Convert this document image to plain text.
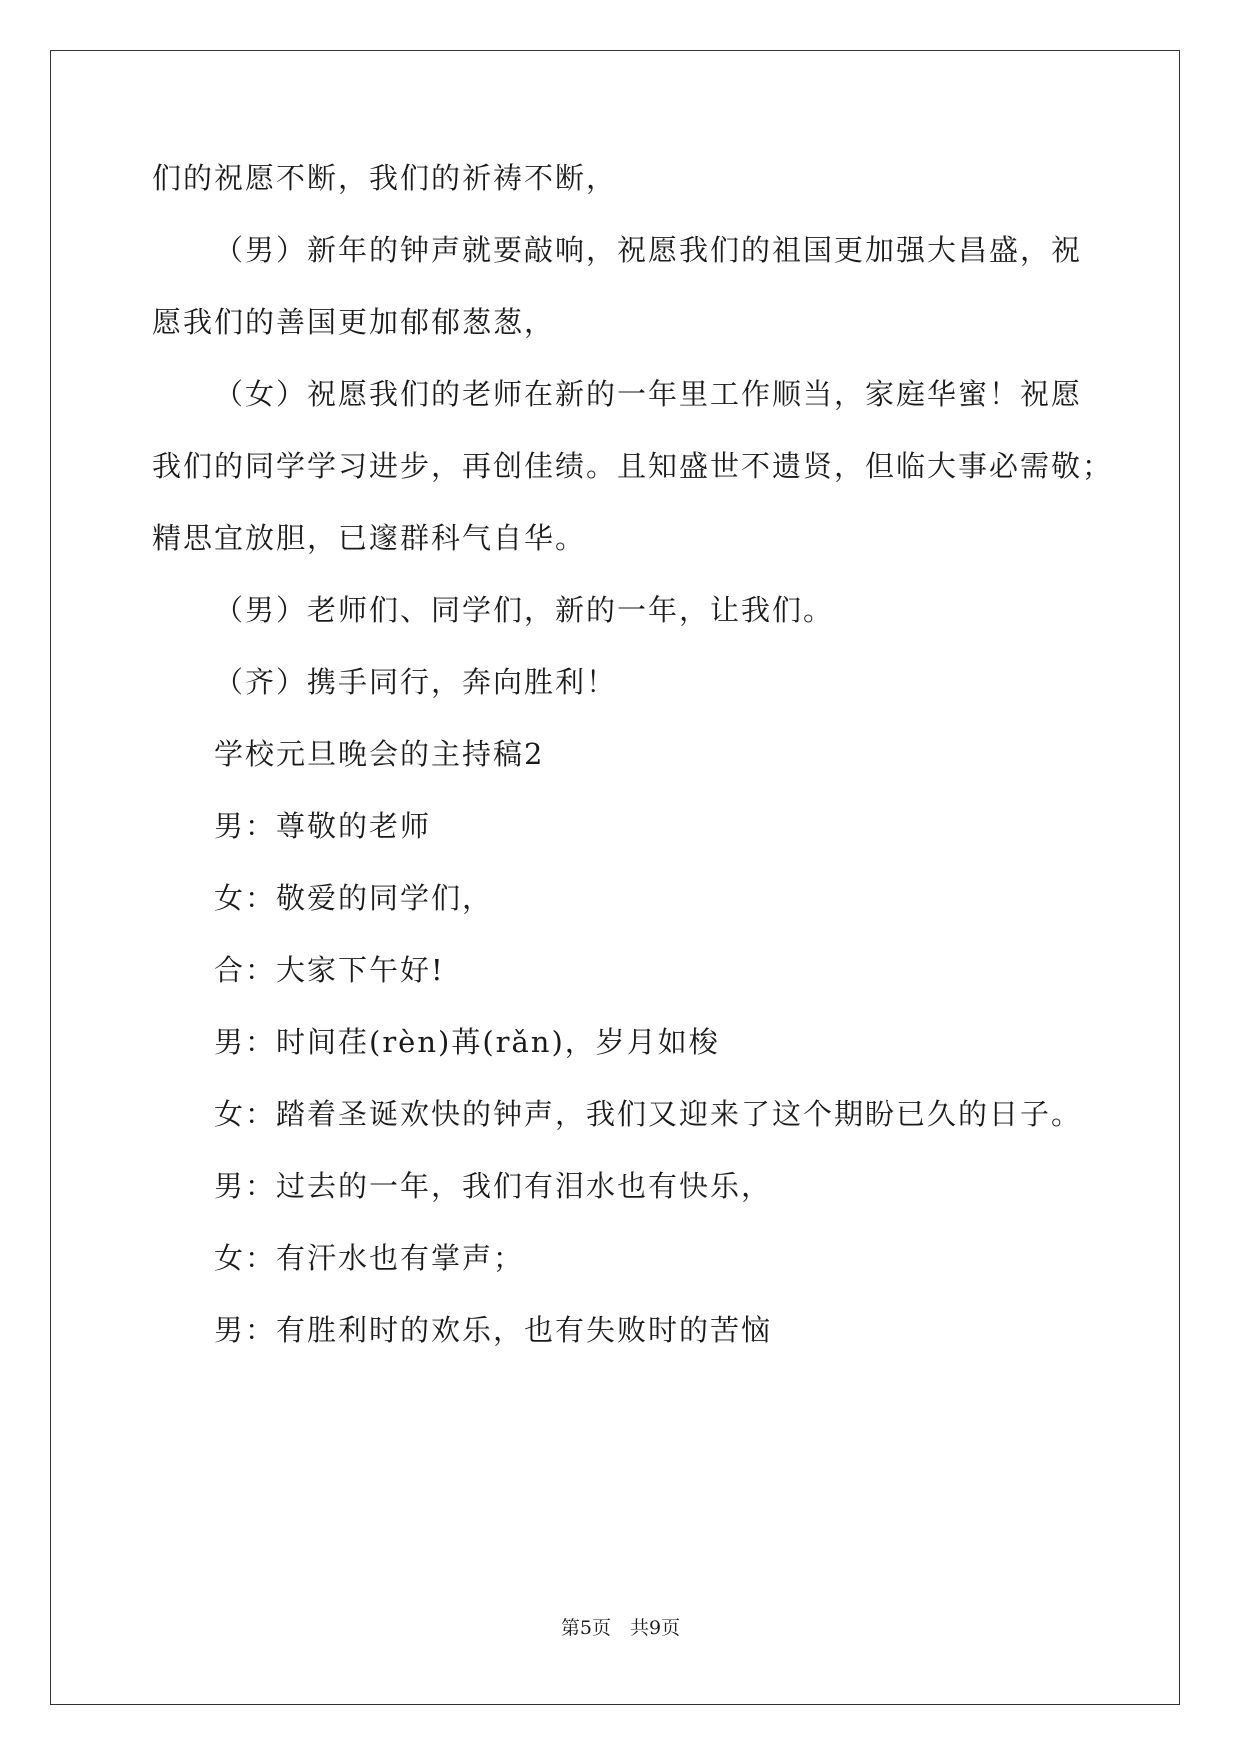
们的祝愿不断，我们的祈祷不断，
（男）新年的钟声就要敲响，祝愿我们的祖国更加强大昌盛，祝
愿我们的善国更加郁郁葱葱，
（女）祝愿我们的老师在新的一年里工作顺当，家庭华蜜！祝愿
我们的同学学习进步，再创佳绩。且知盛世不遗贤，但临大事必需敬；
精思宜放胆，已邃群科气自华。
（男）老师们、同学们，新的一年，让我们。
（齐）携手同行，奔向胜利！
学校元旦晚会的主持稿2
男：尊敬的老师
女：敬爱的同学们，
合：大家下午好!
男：时间荏(rèn)苒(rǎn)，岁月如梭
女：踏着圣诞欢快的钟声，我们又迎来了这个期盼已久的日子。
男：过去的一年，我们有泪水也有快乐，
女：有汗水也有掌声；
男：有胜利时的欢乐，也有失败时的苦恼
第5页　共9页
